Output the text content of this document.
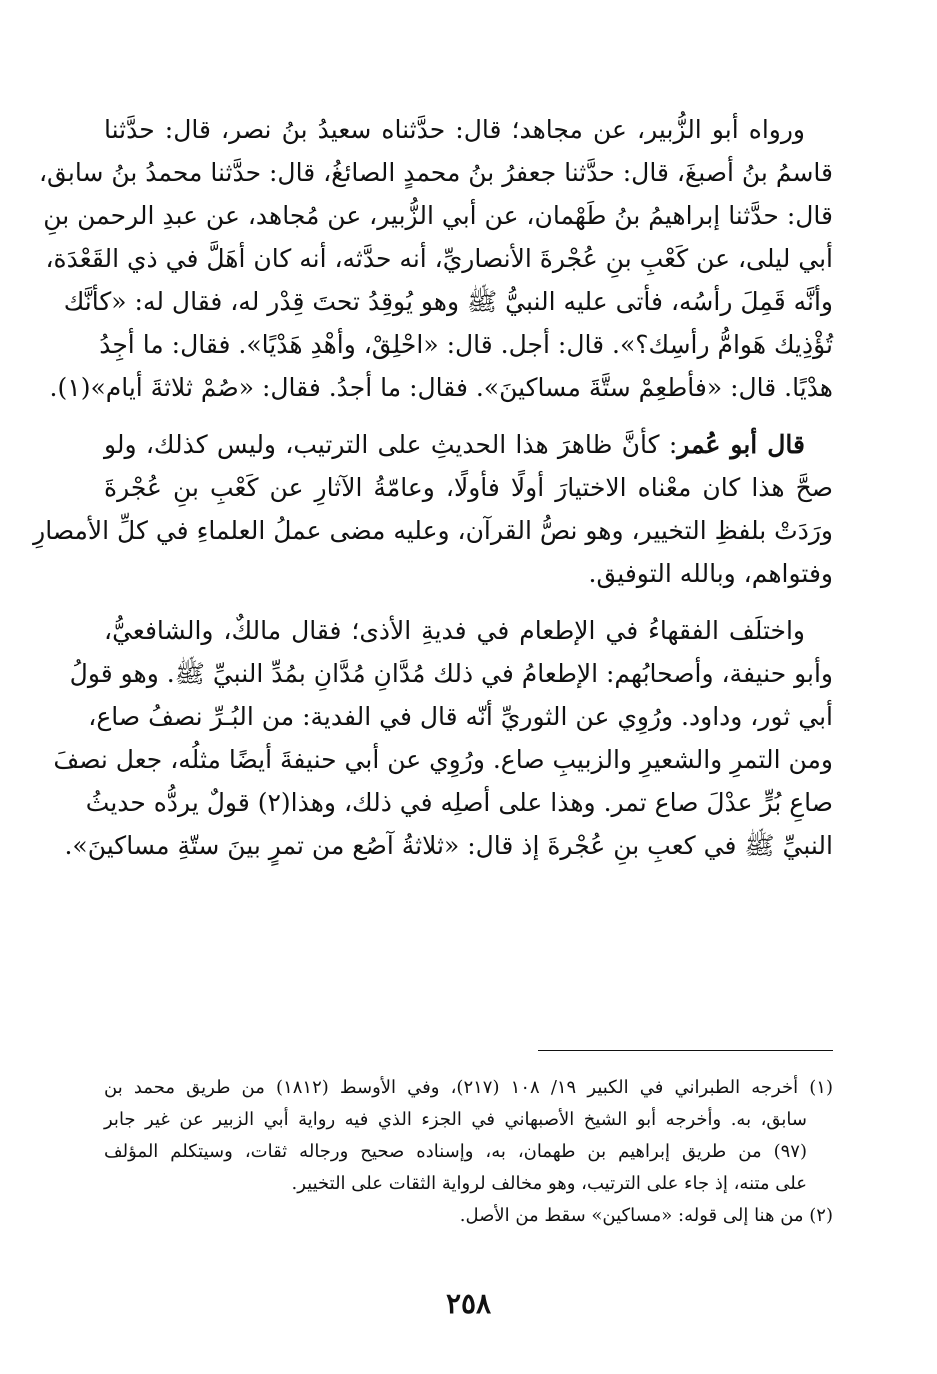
ورواه أبو الزُّبير، عن مجاهد؛ قال: حدَّثناه سعيدُ بنُ نصر، قال: حدَّثنا
قاسمُ بنُ أصبغَ، قال: حدَّثنا جعفرُ بنُ محمدٍ الصائغُ، قال: حدَّثنا محمدُ بنُ سابق،
قال: حدَّثنا إبراهيمُ بنُ طَهْمان، عن أبي الزُّبير، عن مُجاهد، عن عبدِ الرحمن بنِ
أبي ليلى، عن كَعْبِ بنِ عُجْرةَ الأنصاريِّ، أنه حدَّثه، أنه كان أهَلَّ في ذي القَعْدَة،
وأنَّه قَمِلَ رأسُه، فأتى عليه النبيُّ ﷺ وهو يُوقِدُ تحتَ قِدْر له، فقال له: «كأنَّك
تُؤْذِيك هَوامُّ رأسِك؟». قال: أجل. قال: «احْلِقْ، وأهْدِ هَدْيًا». فقال: ما أجِدُ
هدْيًا. قال: «فأطعِمْ ستَّةَ مساكينَ». فقال: ما أجدُ. فقال: «صُمْ ثلاثةَ أيام»(١).
قال أبو عُمر: كأنَّ ظاهرَ هذا الحديثِ على الترتيب، وليس كذلك، ولو
صحَّ هذا كان معْناه الاختيارَ أولًا فأولًا، وعامّةُ الآثارِ عن كَعْبِ بنِ عُجْرةَ
ورَدَتْ بلفظِ التخيير، وهو نصُّ القرآن، وعليه مضى عملُ العلماءِ في كلِّ الأمصارِ
وفتواهم، وبالله التوفيق.
واختلَف الفقهاءُ في الإطعام في فديةِ الأذى؛ فقال مالكٌ، والشافعيُّ،
وأبو حنيفة، وأصحابُهم: الإطعامُ في ذلك مُدَّانِ مُدَّانِ بمُدِّ النبيِّ ﷺ. وهو قولُ
أبي ثور، وداود. ورُوِي عن الثوريِّ أنّه قال في الفدية: من البُـرِّ نصفُ صاع،
ومن التمرِ والشعيرِ والزبيبِ صاع. ورُوِي عن أبي حنيفةَ أيضًا مثلُه، جعل نصفَ
صاعِ بُرٍّ عدْلَ صاع تمر. وهذا على أصلِه في ذلك، وهذا(٢) قولٌ يردُّه حديثُ
النبيِّ ﷺ في كعبِ بنِ عُجْرةَ إذ قال: «ثلاثةُ آصُع من تمرٍ بينَ ستّةِ مساكينَ».
(١) أخرجه الطبراني في الكبير ١٩/ ١٠٨ (٢١٧)، وفي الأوسط (١٨١٢) من طريق محمد بن
سابق، به. وأخرجه أبو الشيخ الأصبهاني في الجزء الذي فيه رواية أبي الزبير عن غير جابر
(٩٧) من طريق إبراهيم بن طهمان، به، وإسناده صحيح ورجاله ثقات، وسيتكلم المؤلف
على متنه، إذ جاء على الترتيب، وهو مخالف لرواية الثقات على التخيير.
(٢) من هنا إلى قوله: «مساكين» سقط من الأصل.
٢٥٨
